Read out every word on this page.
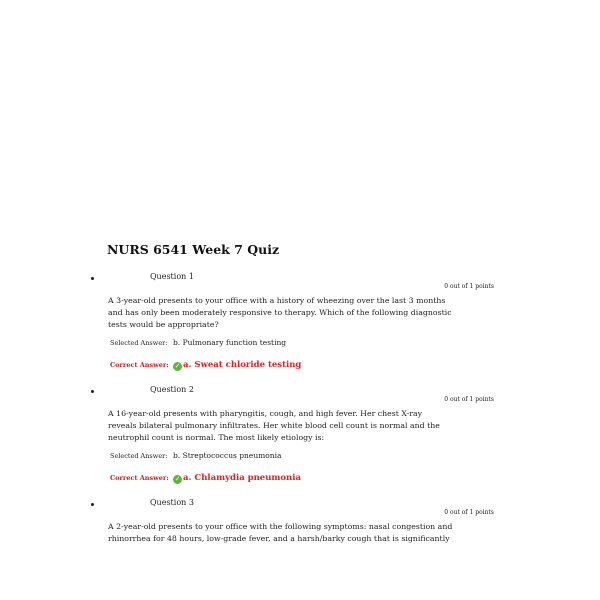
NURS 6541 Week 7 Quiz
Question 1
0 out of 1 points
A 3-year-old presents to your office with a history of wheezing over the last 3 months and has only been moderately responsive to therapy. Which of the following diagnostic tests would be appropriate?
Selected Answer: b. Pulmonary function testing
Correct Answer: ✓ a. Sweat chloride testing
Question 2
0 out of 1 points
A 16-year-old presents with pharyngitis, cough, and high fever. Her chest X-ray reveals bilateral pulmonary infiltrates. Her white blood cell count is normal and the neutrophil count is normal. The most likely etiology is:
Selected Answer: b. Streptococcus pneumonia
Correct Answer: ✓ a. Chlamydia pneumonia
Question 3
0 out of 1 points
A 2-year-old presents to your office with the following symptoms: nasal congestion and rhinorrhea for 48 hours, low-grade fever, and a harsh/barky cough that is significantly
